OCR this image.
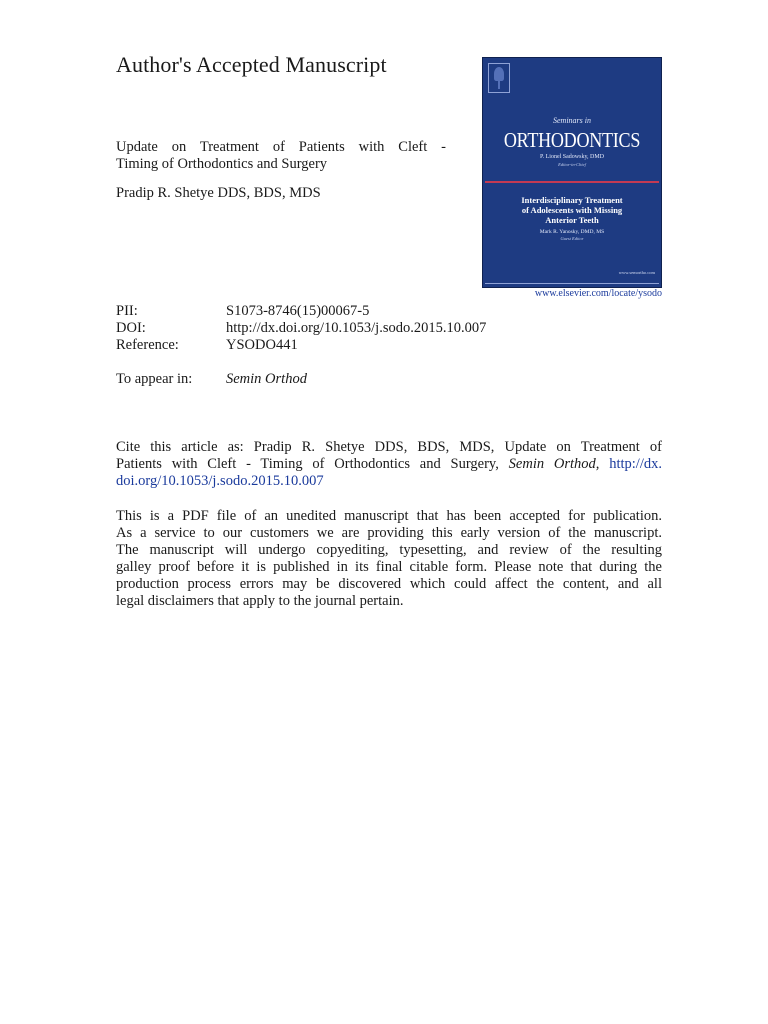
Author's Accepted Manuscript
Update on Treatment of Patients with Cleft -
Timing of Orthodontics and Surgery
Pradip R. Shetye DDS, BDS, MDS
Seminars in
ORTHODONTICS
P. Lionel Sadowsky, DMD
Editor-in-Chief
Interdisciplinary Treatment
of Adolescents with Missing
Anterior Teeth
Mark R. Yanosky, DMD, MS
Guest Editor
www.semortho.com
www.elsevier.com/locate/ysodo
PII:	S1073-8746(15)00067-5
DOI:	http://dx.doi.org/10.1053/j.sodo.2015.10.007
Reference:	YSODO441
To appear in: Semin Orthod
Cite this article as: Pradip R. Shetye DDS, BDS, MDS, Update on Treatment of
Patients with Cleft - Timing of Orthodontics and Surgery, Semin Orthod, http://dx.
doi.org/10.1053/j.sodo.2015.10.007
This is a PDF file of an unedited manuscript that has been accepted for publication.
As a service to our customers we are providing this early version of the manuscript.
The manuscript will undergo copyediting, typesetting, and review of the resulting
galley proof before it is published in its final citable form. Please note that during the
production process errors may be discovered which could affect the content, and all
legal disclaimers that apply to the journal pertain.
